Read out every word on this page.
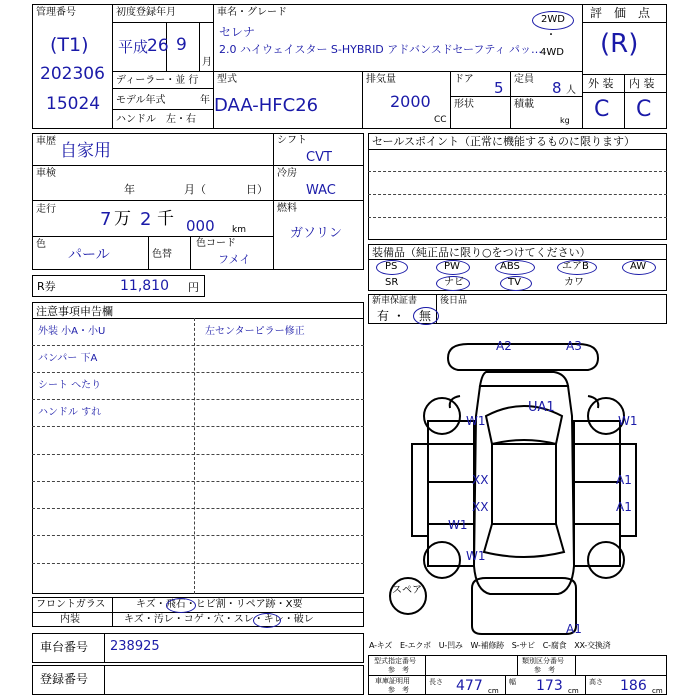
管理番号
(T1)
202306
15024
初度登録年月
平成
26 9
月
ディーラー・並 行
モデル年式	年
ハンドル　左・右
車名・グレード
セレナ
2.0 ハイウェイスター S-HYBRID アドバンスドセーフティ パッ…
2WD
・
4WD
型式
DAA-HFC26
排気量
2000
CC
ドア 5 定員 8 人
形状	積載
kg
評　価　点
(R)
外 装 内 装
C C
車歴 自家用
車検
年	月（	日）
走行 7 万 2 千 000 km
色
パール	色替
色コード
フメイ
シフト
CVT
冷房
WAC
燃料
ガソリン
R券	11,810 円
セールスポイント（正常に機能するものに限ります）
装備品（純正品に限り○をつけてください）
PS	PW	ABS	エアB	AW
SR	ナビ	TV	カワ
新車保証書
有 ・ 無
後日品
注意事項申告欄
外装 小A・小U
バンパー 下A
シート へたり
ハンドル すれ
左センターピラー修正
A2	A3
UA1
W1	W1
XX
XX
A1
A1
W1
A1
W1
スペア
フロントガラス	キズ・飛石・ヒビ割・リペア跡・X要
内装	キズ・汚レ・コゲ・穴・スレ・キレ・破レ
車台番号 238925
登録番号
A-キズ　E-エクボ　U-凹み　W-補修跡　S-サビ　C-腐食　XX-交換済
型式指定番号
参　考
類別区分番号
参　考
車庫証明用
参　考
長さ 477 cm
幅 173 cm
高さ 186 cm
